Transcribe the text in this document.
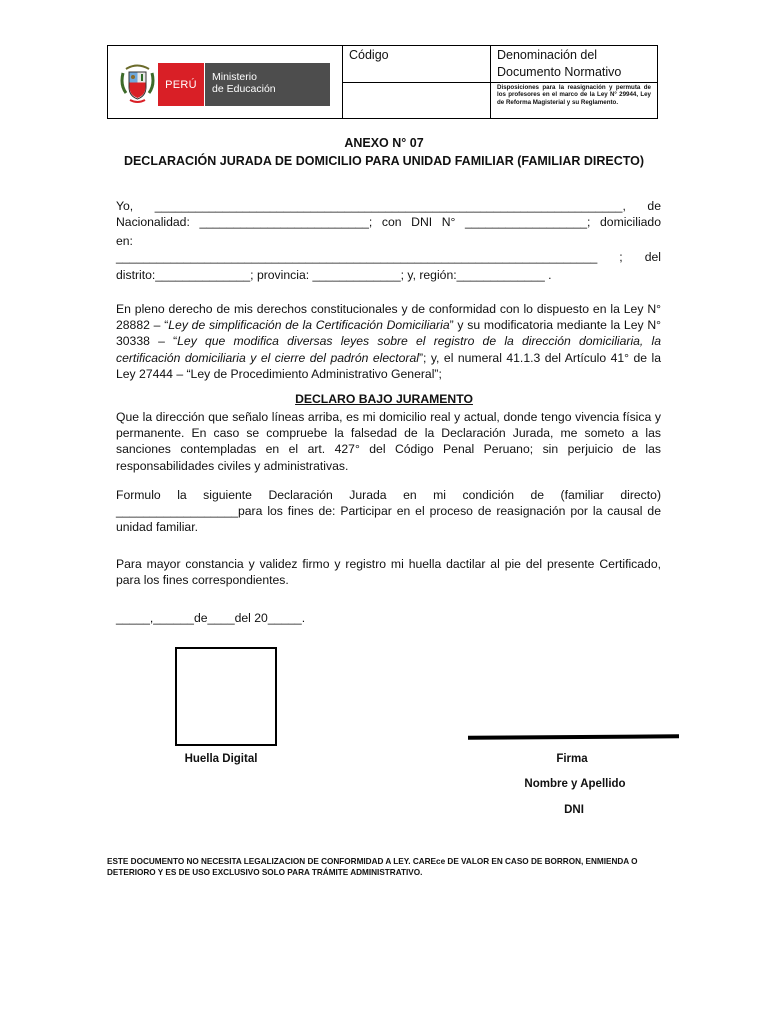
PERÚ
Ministerio
de Educación
Código	Denominación del
Documento Normativo
Disposiciones para la reasignación y permuta de los profesores en el marco de la Ley N° 29944, Ley de Reforma Magisterial y su Reglamento.
ANEXO N° 07
DECLARACIÓN JURADA DE DOMICILIO PARA UNIDAD FAMILIAR (FAMILIAR DIRECTO)
Yo, _____________________________________________________________________, de
Nacionalidad: _________________________; con DNI N° __________________; domiciliado
en:
_______________________________________________________________________ ; del
distrito:______________; provincia: _____________; y, región:_____________ .
En pleno derecho de mis derechos constitucionales y de conformidad con lo dispuesto en la Ley N° 28882 – “Ley de simplificación de la Certificación Domiciliaria” y su modificatoria mediante la Ley N° 30338 – “Ley que modifica diversas leyes sobre el registro de la dirección domiciliaria, la certificación domiciliaria y el cierre del padrón electoral”; y, el numeral 41.1.3 del Artículo 41° de la Ley 27444 – “Ley de Procedimiento Administrativo General”;
DECLARO BAJO JURAMENTO
Que la dirección que señalo líneas arriba, es mi domicilio real y actual, donde tengo vivencia física y permanente. En caso se compruebe la falsedad de la Declaración Jurada, me someto a las sanciones contempladas en el art. 427° del Código Penal Peruano; sin perjuicio de las responsabilidades civiles y administrativas.
Formulo la siguiente Declaración Jurada en mi condición de (familiar directo) __________________para los fines de: Participar en el proceso de reasignación por la causal de unidad familiar.
Para mayor constancia y validez firmo y registro mi huella dactilar al pie del presente Certificado, para los fines correspondientes.
_____,______de____del 20_____.
Huella Digital	Firma
Nombre y Apellido
DNI
ESTE DOCUMENTO NO NECESITA LEGALIZACION DE CONFORMIDAD A LEY. CAREce DE VALOR EN CASO DE BORRON, ENMIENDA O DETERIORO Y ES DE USO EXCLUSIVO SOLO PARA TRÁMITE ADMINISTRATIVO.
